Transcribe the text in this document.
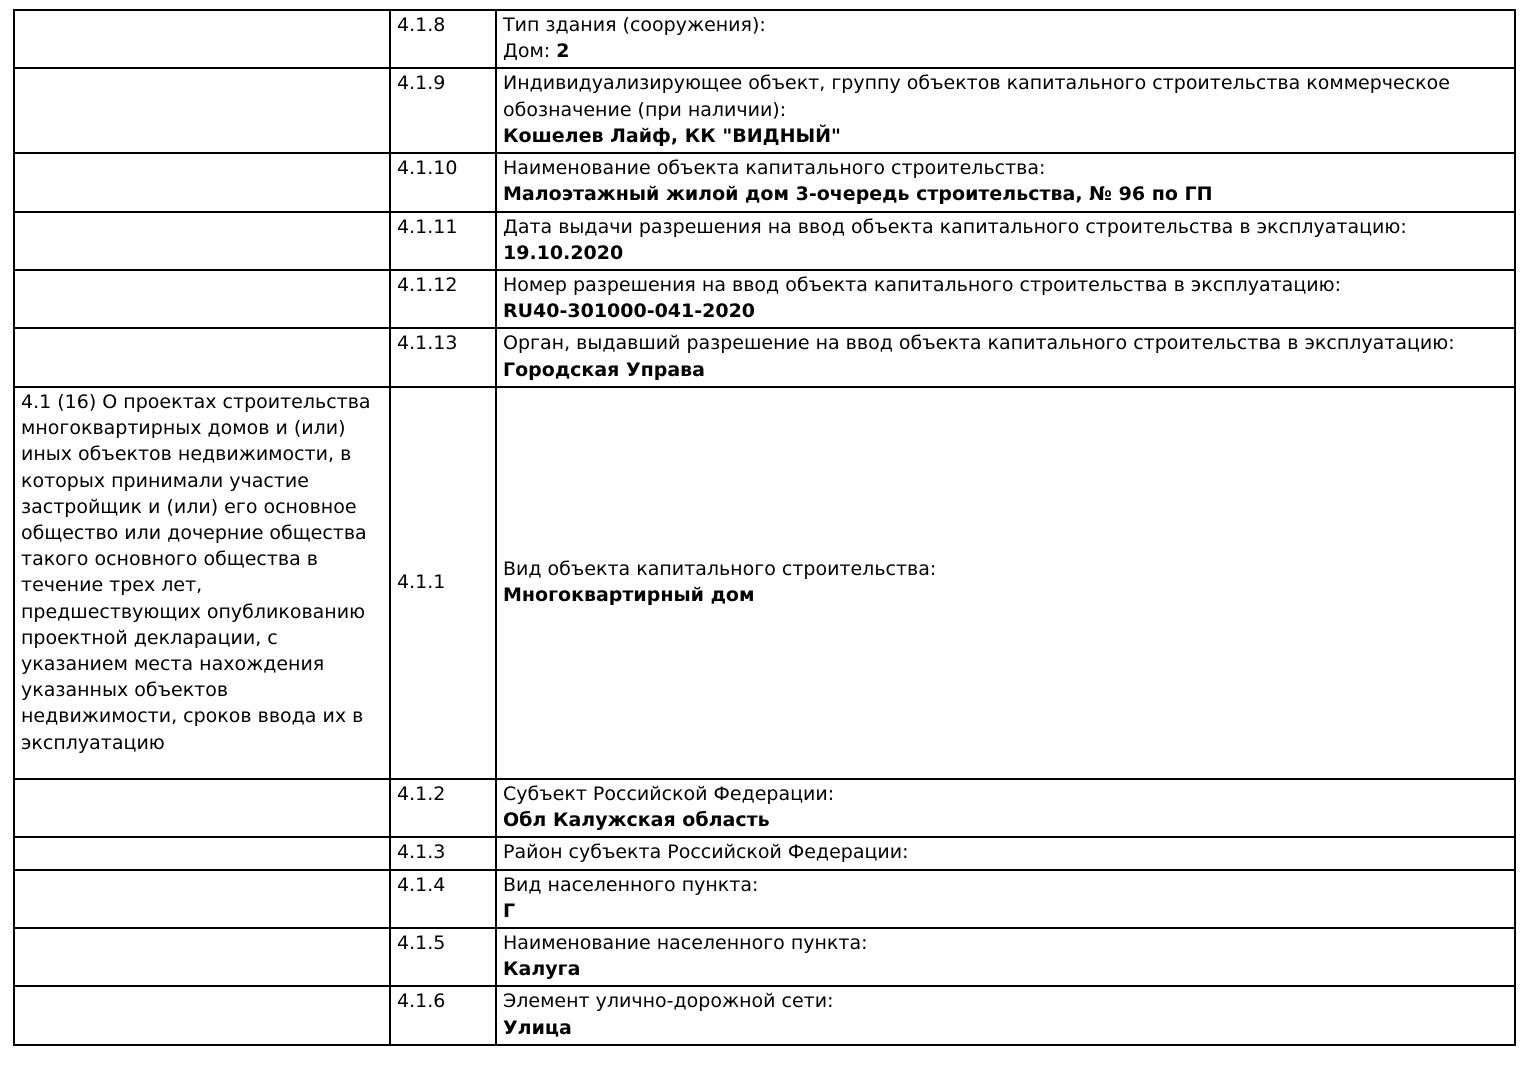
	4.1.8	Тип здания (сооружения):
Дом: 2

	4.1.9	Индивидуализирующее объект, группу объектов капитального строительства коммерческое обозначение (при наличии):
Кошелев Лайф, КК "ВИДНЫЙ"

	4.1.10	Наименование объекта капитального строительства:
Малоэтажный жилой дом 3-очередь строительства, № 96 по ГП

	4.1.11	Дата выдачи разрешения на ввод объекта капитального строительства в эксплуатацию:
19.10.2020

	4.1.12	Номер разрешения на ввод объекта капитального строительства в эксплуатацию:
RU40-301000-041-2020

	4.1.13	Орган, выдавший разрешение на ввод объекта капитального строительства в эксплуатацию:
Городская Управа

4.1 (16) О проектах строительства многоквартирных домов и (или) иных объектов недвижимости, в которых принимали участие застройщик и (или) его основное общество или дочерние общества такого основного общества в течение трех лет, предшествующих опубликованию проектной декларации, с указанием места нахождения указанных объектов недвижимости, сроков ввода их в эксплуатацию	4.1.1	Вид объекта капитального строительства:
Многоквартирный дом

	4.1.2	Субъект Российской Федерации:
Обл Калужская область

	4.1.3	Район субъекта Российской Федерации:

	4.1.4	Вид населенного пункта:
Г

	4.1.5	Наименование населенного пункта:
Калуга

	4.1.6	Элемент улично-дорожной сети:
Улица
